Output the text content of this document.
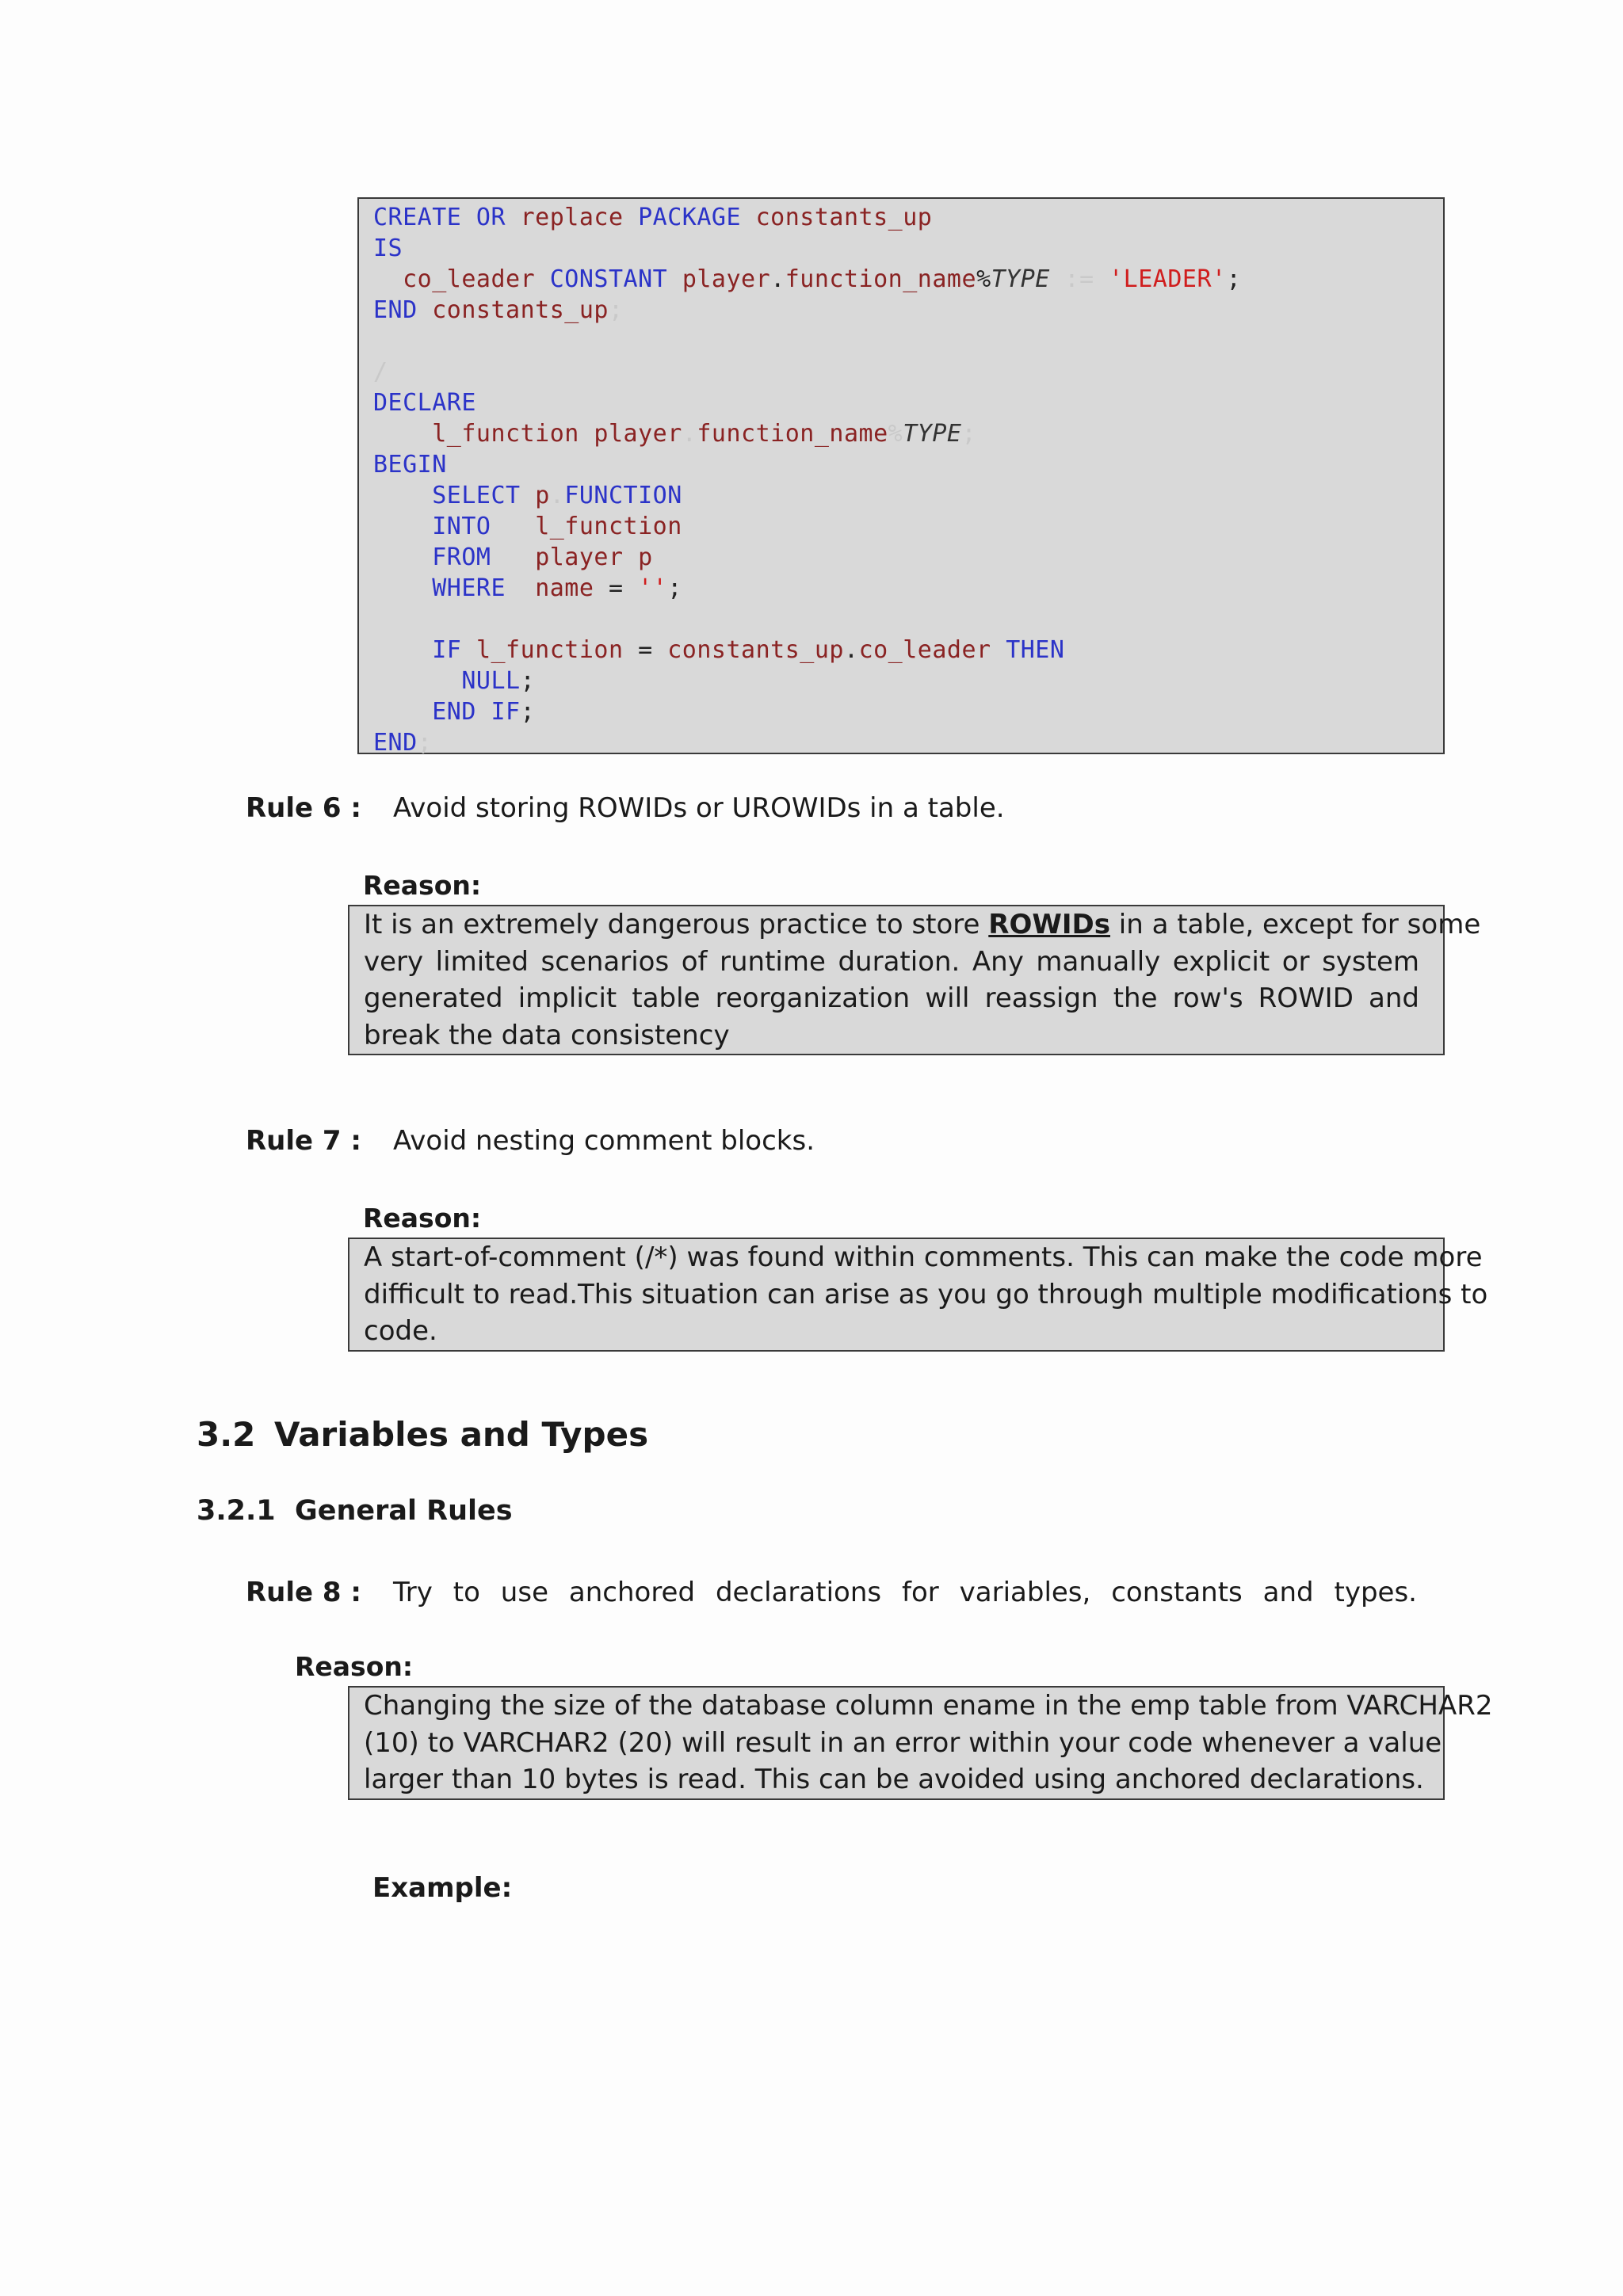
CREATE OR replace PACKAGE constants_up
IS
co_leader CONSTANT player.function_name%TYPE := 'LEADER';
END constants_up;

/
DECLARE
l_function player.function_name%TYPE;
BEGIN
SELECT p.FUNCTION
INTO   l_function
FROM   player p
WHERE  name = '';

IF l_function = constants_up.co_leader THEN
NULL;
END IF;
END;
Rule 6 : Avoid storing ROWIDs or UROWIDs in a table.
Reason:
It is an extremely dangerous practice to store ROWIDs in a table, except for some
very limited scenarios of runtime duration. Any manually explicit or system
generated implicit table reorganization will reassign the row's ROWID and
break the data consistency
Rule 7 : Avoid nesting comment blocks.
Reason:
A start-of-comment (/*) was found within comments. This can make the code more
difficult to read.This situation can arise as you go through multiple modifications to
code.
3.2 Variables and Types
3.2.1 General Rules
Rule 8 : Try to use anchored declarations for variables, constants and types.
Reason:
Changing the size of the database column ename in the emp table from VARCHAR2
(10) to VARCHAR2 (20) will result in an error within your code whenever a value
larger than 10 bytes is read. This can be avoided using anchored declarations.
Example:
